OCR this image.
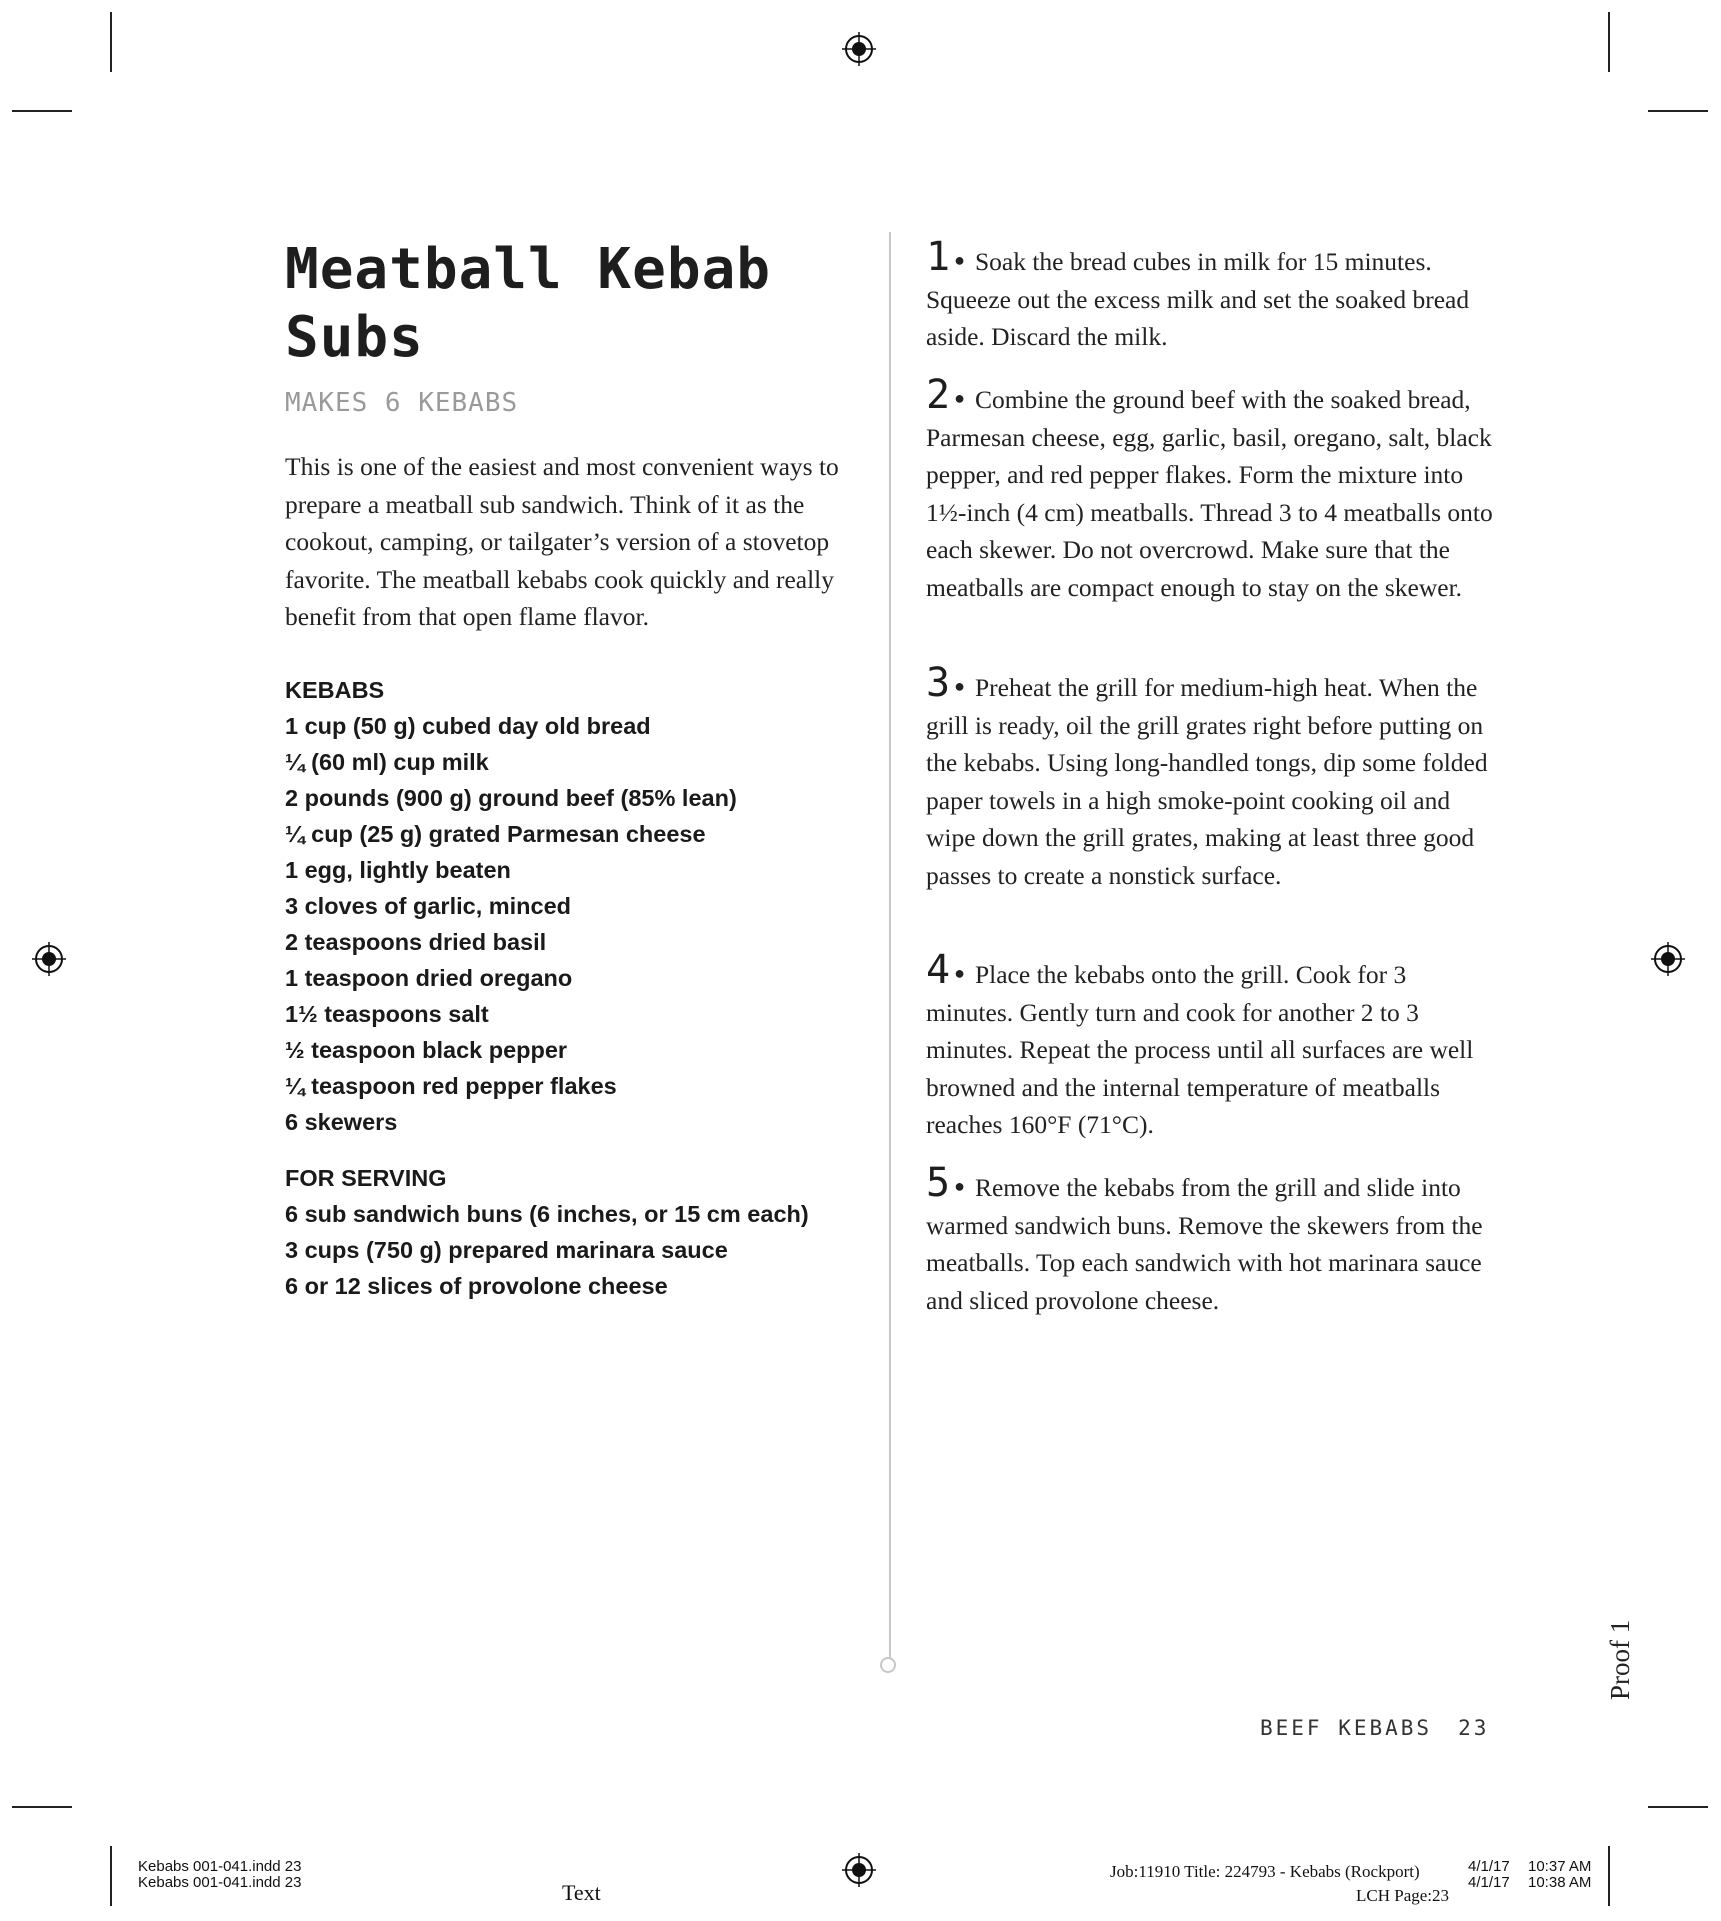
Meatball Kebab
Subs
MAKES 6 KEBABS

This is one of the easiest and most convenient ways to prepare a meatball sub sandwich. Think of it as the cookout, camping, or tailgater’s version of a stovetop favorite. The meatball kebabs cook quickly and really benefit from that open flame flavor.

KEBABS
1 cup (50 g) cubed day old bread
¼ (60 ml) cup milk
2 pounds (900 g) ground beef (85% lean)
¼ cup (25 g) grated Parmesan cheese
1 egg, lightly beaten
3 cloves of garlic, minced
2 teaspoons dried basil
1 teaspoon dried oregano
1½ teaspoons salt
½ teaspoon black pepper
¼ teaspoon red pepper flakes
6 skewers
FOR SERVING
6 sub sandwich buns (6 inches, or 15 cm each)
3 cups (750 g) prepared marinara sauce
6 or 12 slices of provolone cheese

1 ● Soak the bread cubes in milk for 15 minutes. Squeeze out the excess milk and set the soaked bread aside. Discard the milk.

2 ● Combine the ground beef with the soaked bread, Parmesan cheese, egg, garlic, basil, oregano, salt, black pepper, and red pepper flakes. Form the mixture into 1½-inch (4 cm) meatballs. Thread 3 to 4 meatballs onto each skewer. Do not overcrowd. Make sure that the meatballs are compact enough to stay on the skewer.

3 ● Preheat the grill for medium-high heat. When the grill is ready, oil the grill grates right before putting on the kebabs. Using long-handled tongs, dip some folded paper towels in a high smoke-point cooking oil and wipe down the grill grates, making at least three good passes to create a nonstick surface.

4 ● Place the kebabs onto the grill. Cook for 3 minutes. Gently turn and cook for another 2 to 3 minutes. Repeat the process until all surfaces are well browned and the internal temperature of meatballs reaches 160°F (71°C).

5 ● Remove the kebabs from the grill and slide into warmed sandwich buns. Remove the skewers from the meatballs. Top each sandwich with hot marinara sauce and sliced provolone cheese.

BEEF KEBABS 23
Proof 1
Kebabs 001-041.indd 23
Kebabs 001-041.indd 23	Text
Job:11910 Title: 224793 - Kebabs (Rockport)
LCH Page:23
4/1/17 10:37 AM
4/1/17 10:38 AM
